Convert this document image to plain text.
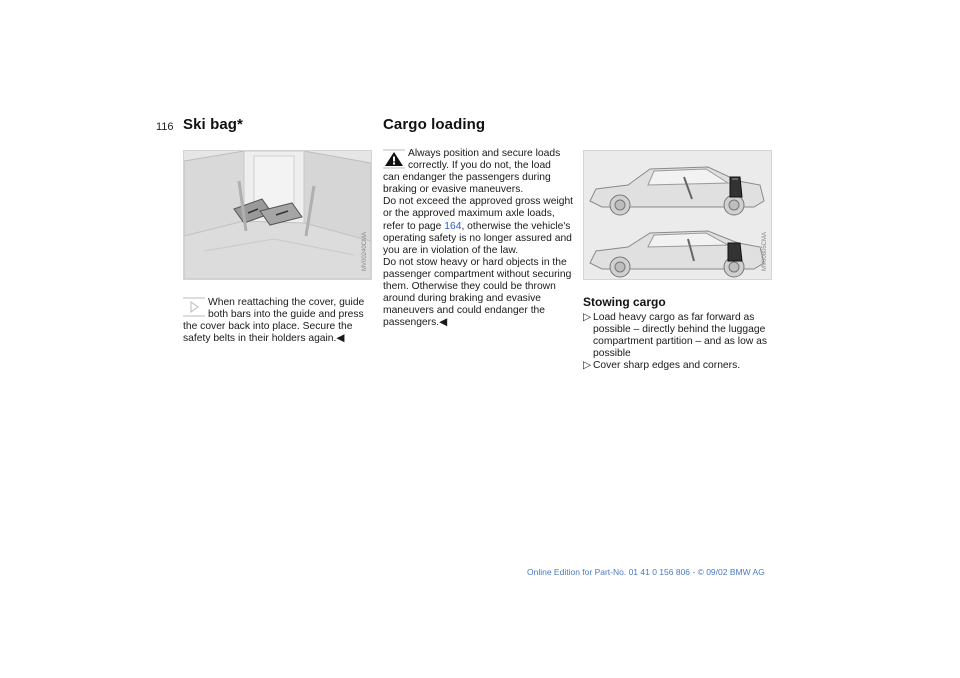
116 Ski bag*
MV00240CMA

When reattaching the cover, guide

both bars into the guide and press

the cover back into place. Secure the safety belts in their holders again.◀

Cargo loading

Always position and secure loads

correctly. If you do not, the load

can endanger the passengers during braking or evasive maneuvers.

Do not exceed the approved gross weight or the approved maximum axle loads, refer to page 164, otherwise the vehicle's operating safety is no longer assured and you are in violation of the law.

Do not stow heavy or hard objects in the passenger compartment without securing them. Otherwise they could be thrown around during braking and evasive maneuvers and could endanger the passengers.◀

MV00805CMA
Stowing cargo
▷ Load heavy cargo as far forward as possible – directly behind the luggage compartment partition – and as low as possible
▷ Cover sharp edges and corners.
Online Edition for Part-No. 01 41 0 156 806 - © 09/02 BMW AG
